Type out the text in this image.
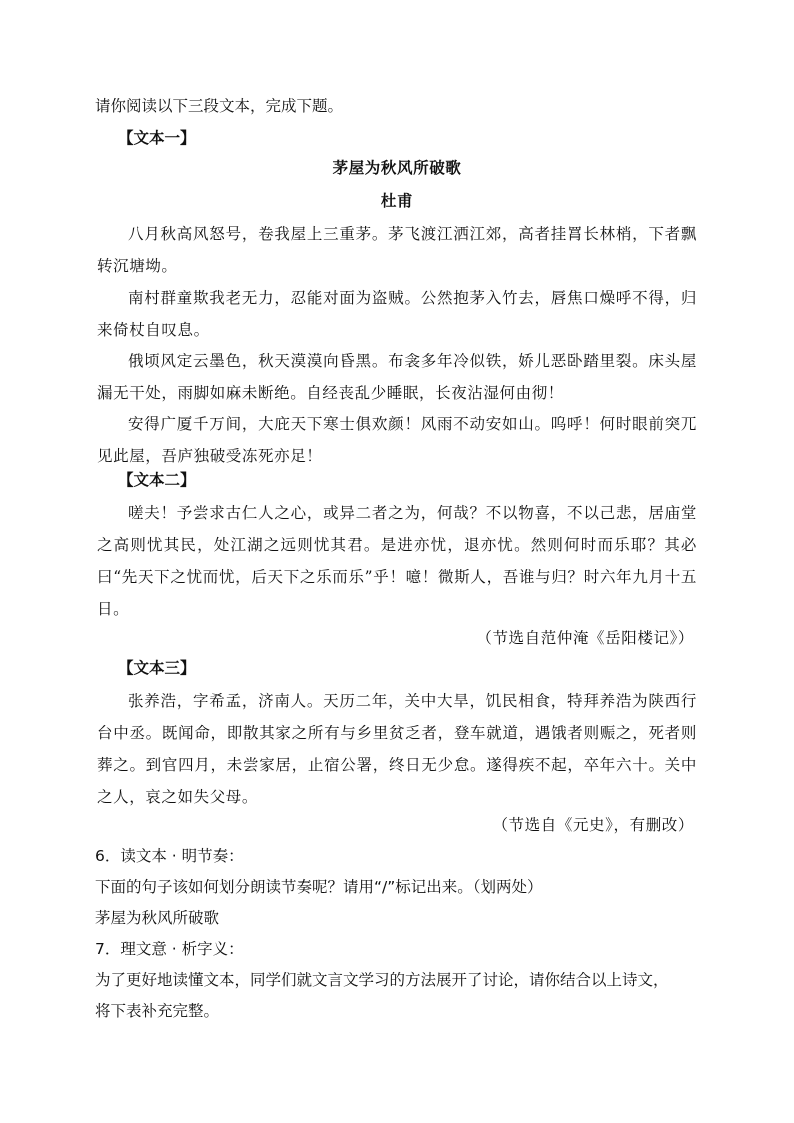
请你阅读以下三段文本，完成下题。
【文本一】
茅屋为秋风所破歌
杜甫
八月秋高风怒号，卷我屋上三重茅。茅飞渡江洒江郊，高者挂罥长林梢，下者飘转沉塘坳。
南村群童欺我老无力，忍能对面为盗贼。公然抱茅入竹去，唇焦口燥呼不得，归来倚杖自叹息。
俄顷风定云墨色，秋天漠漠向昏黑。布衾多年冷似铁，娇儿恶卧踏里裂。床头屋漏无干处，雨脚如麻未断绝。自经丧乱少睡眠，长夜沾湿何由彻！
安得广厦千万间，大庇天下寒士俱欢颜！风雨不动安如山。呜呼！何时眼前突兀见此屋，吾庐独破受冻死亦足！
【文本二】
嗟夫！予尝求古仁人之心，或异二者之为，何哉？不以物喜，不以己悲，居庙堂之高则忧其民，处江湖之远则忧其君。是进亦忧，退亦忧。然则何时而乐耶？其必曰“先天下之忧而忧，后天下之乐而乐”乎！噫！微斯人，吾谁与归？时六年九月十五日。
（节选自范仲淹《岳阳楼记》）
【文本三】
张养浩，字希孟，济南人。天历二年，关中大旱，饥民相食，特拜养浩为陕西行台中丞。既闻命，即散其家之所有与乡里贫乏者，登车就道，遇饿者则赈之，死者则葬之。到官四月，未尝家居，止宿公署，终日无少怠。遂得疾不起，卒年六十。关中之人，哀之如失父母。
（节选自《元史》，有删改）
6．读文本 · 明节奏：
下面的句子该如何划分朗读节奏呢？请用“/”标记出来。（划两处）
茅屋为秋风所破歌
7．理文意 · 析字义：
为了更好地读懂文本，同学们就文言文学习的方法展开了讨论，请你结合以上诗文，
将下表补充完整。
